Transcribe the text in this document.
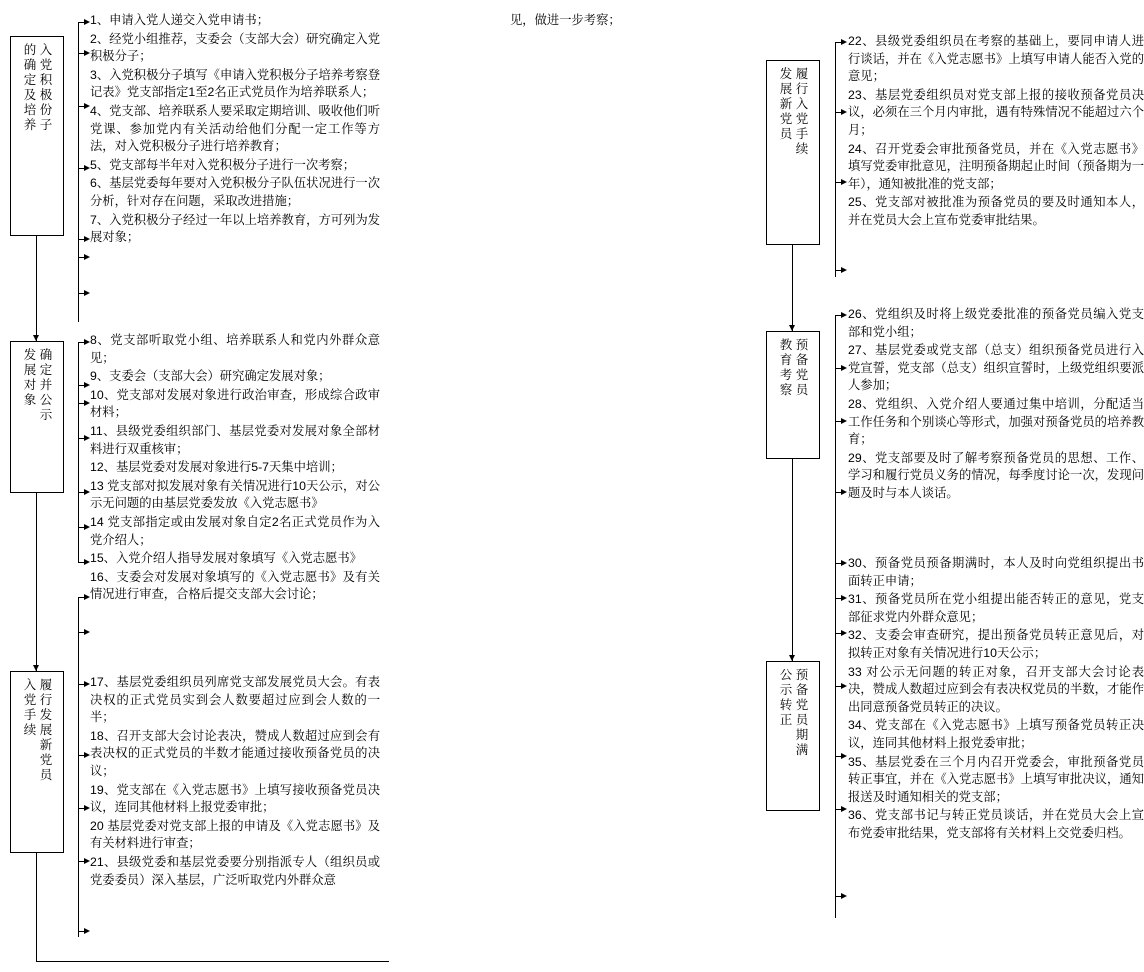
入党积极份子
的确定及培养
确定并公示
发展对象
履行发展新党员
入党手续

1、申请入党人递交入党申请书；

2、经党小组推荐，支委会（支部大会）研究确定入党积极分子；

3、入党积极分子填写《申请入党积极分子培养考察登记表》党支部指定1至2名正式党员作为培养联系人；

4、党支部、培养联系人要采取定期培训、吸收他们听党课、参加党内有关活动给他们分配一定工作等方法，对入党积极分子进行培养教育；

5、党支部每半年对入党积极分子进行一次考察；

6、基层党委每年要对入党积极分子队伍状况进行一次分析，针对存在问题，采取改进措施；

7、入党积极分子经过一年以上培养教育，方可列为发展对象；

8、党支部听取党小组、培养联系人和党内外群众意见；

9、支委会（支部大会）研究确定发展对象；

10、党支部对发展对象进行政治审查，形成综合政审材料；

11、县级党委组织部门、基层党委对发展对象全部材料进行双重核审；

12、基层党委对发展对象进行5-7天集中培训；

13 党支部对拟发展对象有关情况进行10天公示，对公示无问题的由基层党委发放《入党志愿书》

14 党支部指定或由发展对象自定2名正式党员作为入党介绍人；

15、入党介绍人指导发展对象填写《入党志愿书》

16、支委会对发展对象填写的《入党志愿书》及有关情况进行审查，合格后提交支部大会讨论；

17、基层党委组织员列席党支部发展党员大会。有表决权的正式党员实到会人数要超过应到会人数的一半；

18、召开支部大会讨论表决，赞成人数超过应到会有表决权的正式党员的半数才能通过接收预备党员的决议；

19、党支部在《入党志愿书》上填写接收预备党员决议，连同其他材料上报党委审批；

20 基层党委对党支部上报的申请及《入党志愿书》及有关材料进行审查；

21、县级党委和基层党委要分别指派专人（组织员或党委委员）深入基层，广泛听取党内外群众意

见，做进一步考察；

履行入党手续
发展新党员
预备党员
教育考察
预备党员期满
公示转正

22、县级党委组织员在考察的基础上，要同申请人进行谈话，并在《入党志愿书》上填写申请人能否入党的意见；

23、基层党委组织员对党支部上报的接收预备党员决议，必须在三个月内审批，遇有特殊情况不能超过六个月；

24、召开党委会审批预备党员，并在《入党志愿书》填写党委审批意见，注明预备期起止时间（预备期为一年），通知被批准的党支部；

25、党支部对被批准为预备党员的要及时通知本人，并在党员大会上宣布党委审批结果。

26、党组织及时将上级党委批准的预备党员编入党支部和党小组；

27、基层党委或党支部（总支）组织预备党员进行入党宣誓，党支部（总支）组织宣誓时，上级党组织要派人参加；

28、党组织、入党介绍人要通过集中培训，分配适当工作任务和个别谈心等形式，加强对预备党员的培养教育；

29、党支部要及时了解考察预备党员的思想、工作、学习和履行党员义务的情况，每季度讨论一次，发现问题及时与本人谈话。

30、预备党员预备期满时，本人及时向党组织提出书面转正申请；

31、预备党员所在党小组提出能否转正的意见，党支部征求党内外群众意见；

32、支委会审查研究，提出预备党员转正意见后，对拟转正对象有关情况进行10天公示；

33 对公示无问题的转正对象，召开支部大会讨论表决，赞成人数超过应到会有表决权党员的半数，才能作出同意预备党员转正的决议。

34、党支部在《入党志愿书》上填写预备党员转正决议，连同其他材料上报党委审批；

35、基层党委在三个月内召开党委会，审批预备党员转正事宜，并在《入党志愿书》上填写审批决议，通知报送及时通知相关的党支部；

36、党支部书记与转正党员谈话，并在党员大会上宣布党委审批结果，党支部将有关材料上交党委归档。
